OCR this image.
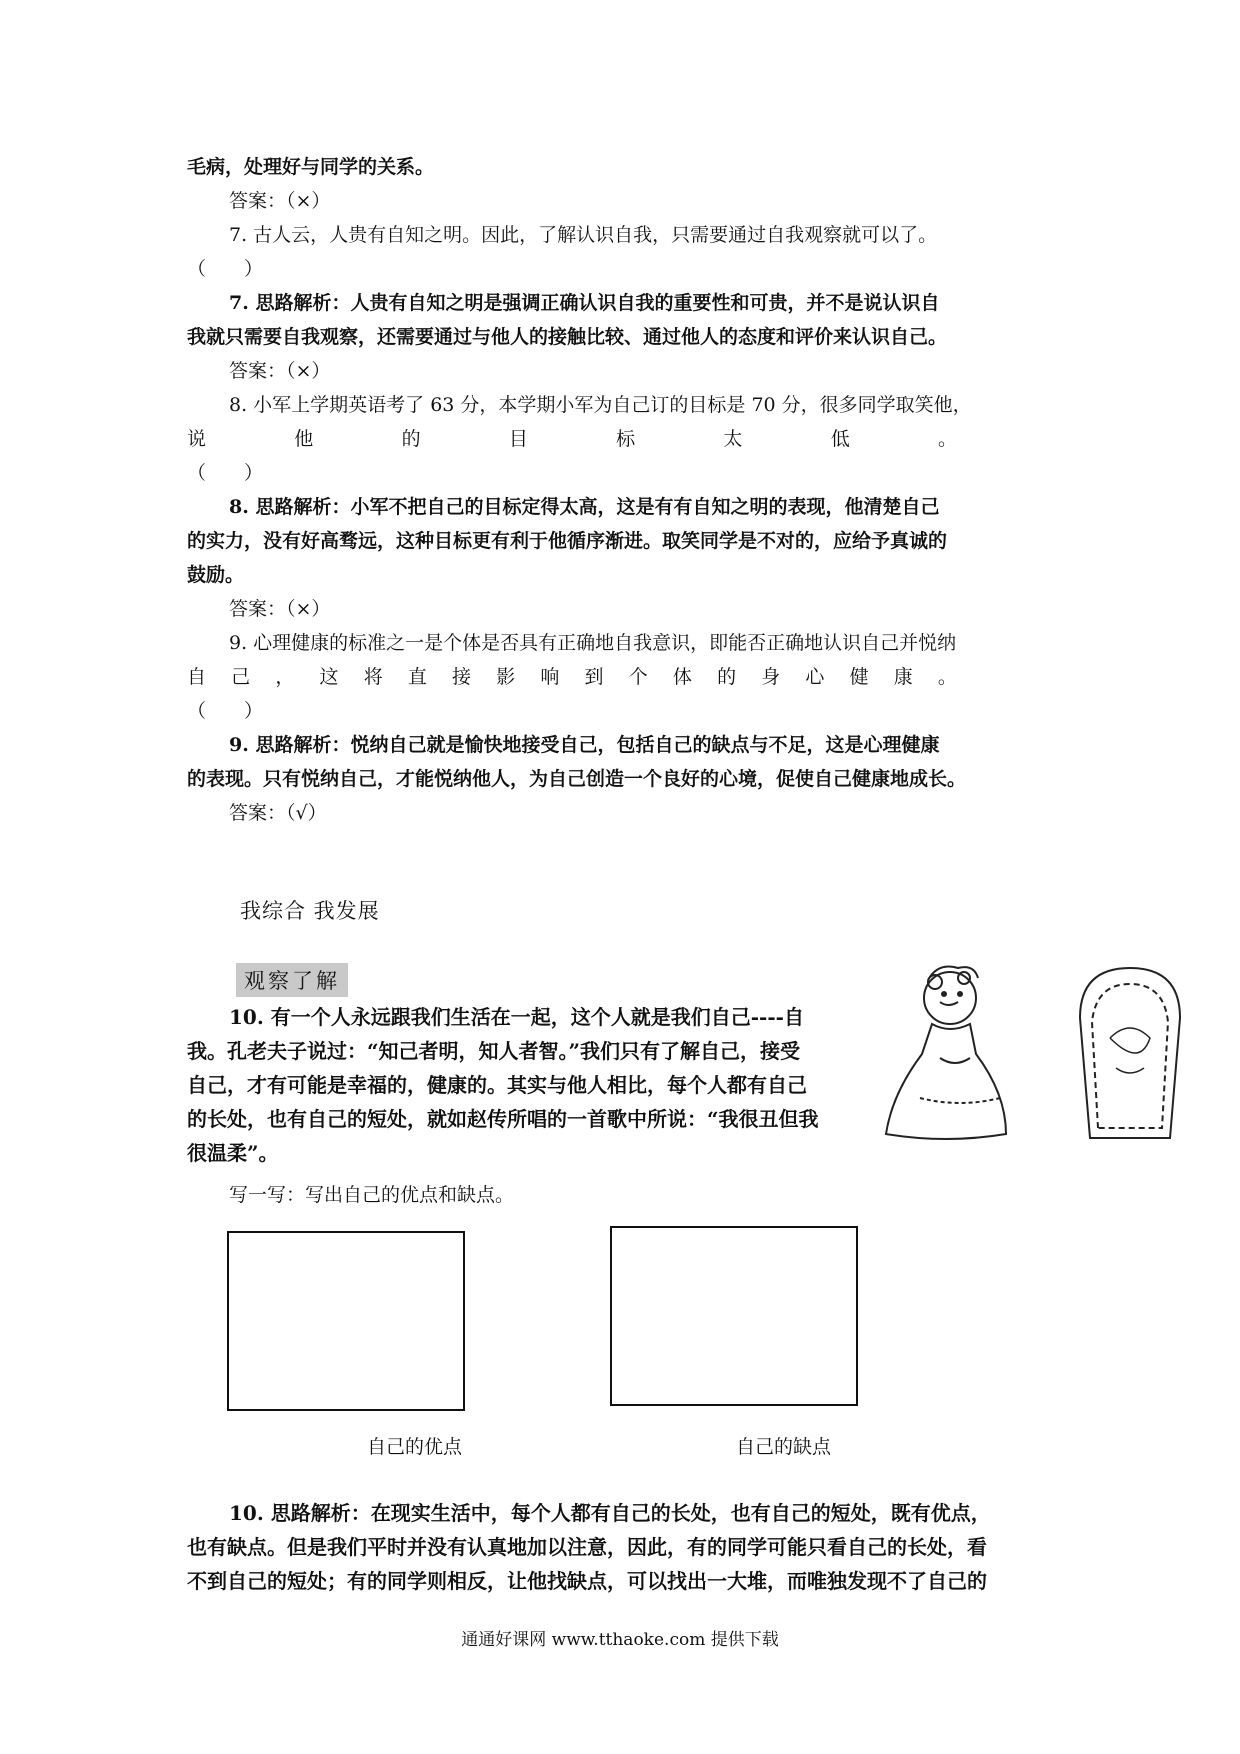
毛病，处理好与同学的关系。
答案：（×）
7. 古人云，人贵有自知之明。因此，了解认识自我，只需要通过自我观察就可以了。
（　　）
7. 思路解析：人贵有自知之明是强调正确认识自我的重要性和可贵，并不是说认识自
我就只需要自我观察，还需要通过与他人的接触比较、通过他人的态度和评价来认识自己。
答案：（×）
8. 小军上学期英语考了 63 分，本学期小军为自己订的目标是 70 分，很多同学取笑他，
说	他	的	目	标	太	低	。
（　　）
8. 思路解析：小军不把自己的目标定得太高，这是有有自知之明的表现，他清楚自己
的实力，没有好高骛远，这种目标更有利于他循序渐进。取笑同学是不对的，应给予真诚的
鼓励。
答案：（×）
9. 心理健康的标准之一是个体是否具有正确地自我意识，即能否正确地认识自己并悦纳
自 己 ， 这 将 直 接 影 响 到 个 体 的 身 心 健 康 。
（　　）
9. 思路解析：悦纳自己就是愉快地接受自己，包括自己的缺点与不足，这是心理健康
的表现。只有悦纳自己，才能悦纳他人，为自己创造一个良好的心境，促使自己健康地成长。
答案：（√）
我综合 我发展
观察了解
10. 有一个人永远跟我们生活在一起，这个人就是我们自己----自
我。孔老夫子说过：“知己者明，知人者智。”我们只有了解自己，接受
自己，才有可能是幸福的，健康的。其实与他人相比，每个人都有自己
的长处，也有自己的短处，就如赵传所唱的一首歌中所说：“我很丑但我
很温柔”。
写一写：写出自己的优点和缺点。
自己的优点	自己的缺点
10. 思路解析：在现实生活中，每个人都有自己的长处，也有自己的短处，既有优点，
也有缺点。但是我们平时并没有认真地加以注意，因此，有的同学可能只看自己的长处，看
不到自己的短处；有的同学则相反，让他找缺点，可以找出一大堆，而唯独发现不了自己的
通通好课网 www.tthaoke.com 提供下载
